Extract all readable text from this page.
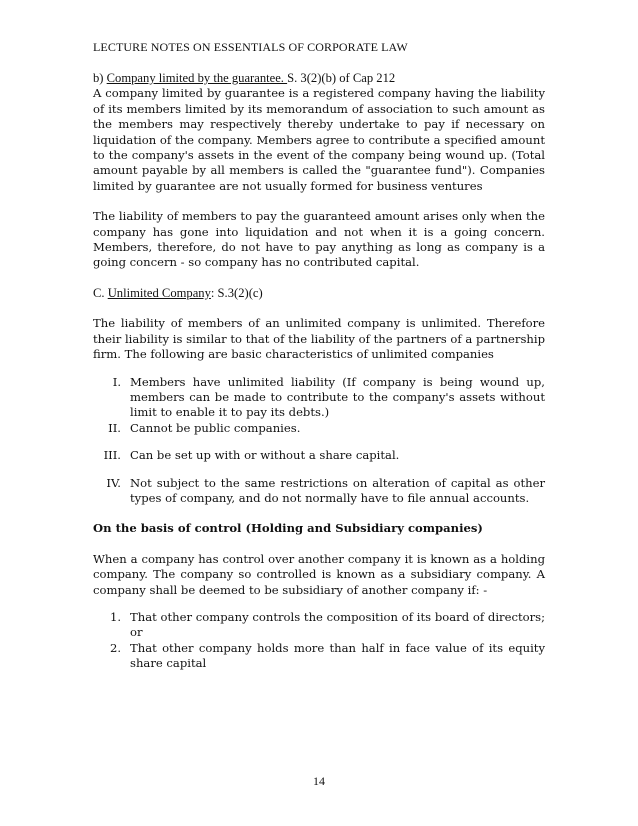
LECTURE NOTES ON ESSENTIALS OF CORPORATE LAW

b) Company limited by the guarantee. S. 3(2)(b) of Cap 212

A company limited by guarantee is a registered company having the liability of its members limited by its memorandum of association to such amount as the members may respectively thereby undertake to pay if necessary on liquidation of the company. Members agree to contribute a specified amount to the company's assets in the event of the company being wound up. (Total amount payable by all members is called the "guarantee fund"). Companies limited by guarantee are not usually formed for business ventures

The liability of members to pay the guaranteed amount arises only when the company has gone into liquidation and not when it is a going concern. Members, therefore, do not have to pay anything as long as company is a going concern - so company has no contributed capital.

C. Unlimited Company: S.3(2)(c)

The liability of members of an unlimited company is unlimited. Therefore their liability is similar to that of the liability of the partners of a partnership firm. The following are basic characteristics of unlimited companies

I. Members have unlimited liability (If company is being wound up, members can be made to contribute to the company's assets without limit to enable it to pay its debts.)
II. Cannot be public companies.
III. Can be set up with or without a share capital.
IV. Not subject to the same restrictions on alteration of capital as other types of company, and do not normally have to file annual accounts.

On the basis of control (Holding and Subsidiary companies)

When a company has control over another company it is known as a holding company. The company so controlled is known as a subsidiary company. A company shall be deemed to be subsidiary of another company if: -

1. That other company controls the composition of its board of directors; or
2. That other company holds more than half in face value of its equity share capital
14
